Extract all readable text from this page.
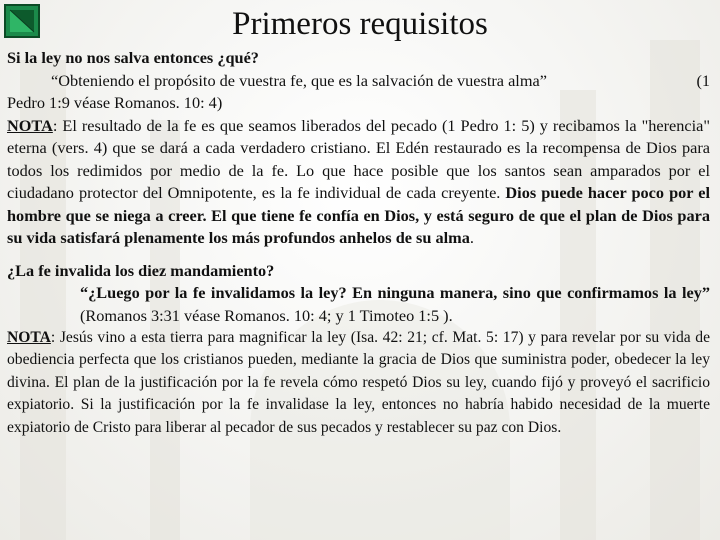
Primeros requisitos

Si la ley no nos salva entonces ¿qué?

“Obteniendo el propósito de vuestra fe, que es la salvación de vuestra alma”	(1

Pedro 1:9 véase Romanos. 10: 4)

NOTA: El resultado de la fe es que seamos liberados del pecado (1 Pedro 1: 5) y recibamos la "herencia" eterna (vers. 4) que se dará a cada verdadero cristiano. El Edén restaurado es la recompensa de Dios para todos los redimidos por medio de la fe. Lo que hace posible que los santos sean amparados por el ciudadano protector del Omnipotente, es la fe individual de cada creyente. Dios puede hacer poco por el hombre que se niega a creer. El que tiene fe confía en Dios, y está seguro de que el plan de Dios para su vida satisfará plenamente los más profundos anhelos de su alma.

¿La fe invalida los diez mandamiento?

“¿Luego por la fe invalidamos la ley? En ninguna manera, sino que confirmamos la ley” (Romanos 3:31 véase Romanos. 10: 4; y 1 Timoteo 1:5 ).

NOTA: Jesús vino a esta tierra para magnificar la ley (Isa. 42: 21; cf. Mat. 5: 17) y para revelar por su vida de obediencia perfecta que los cristianos pueden, mediante la gracia de Dios que suministra poder, obedecer la ley divina. El plan de la justificación por la fe revela cómo respetó Dios su ley, cuando fijó y proveyó el sacrificio expiatorio. Si la justificación por la fe invalidase la ley, entonces no habría habido necesidad de la muerte expiatorio de Cristo para liberar al pecador de sus pecados y restablecer su paz con Dios.
